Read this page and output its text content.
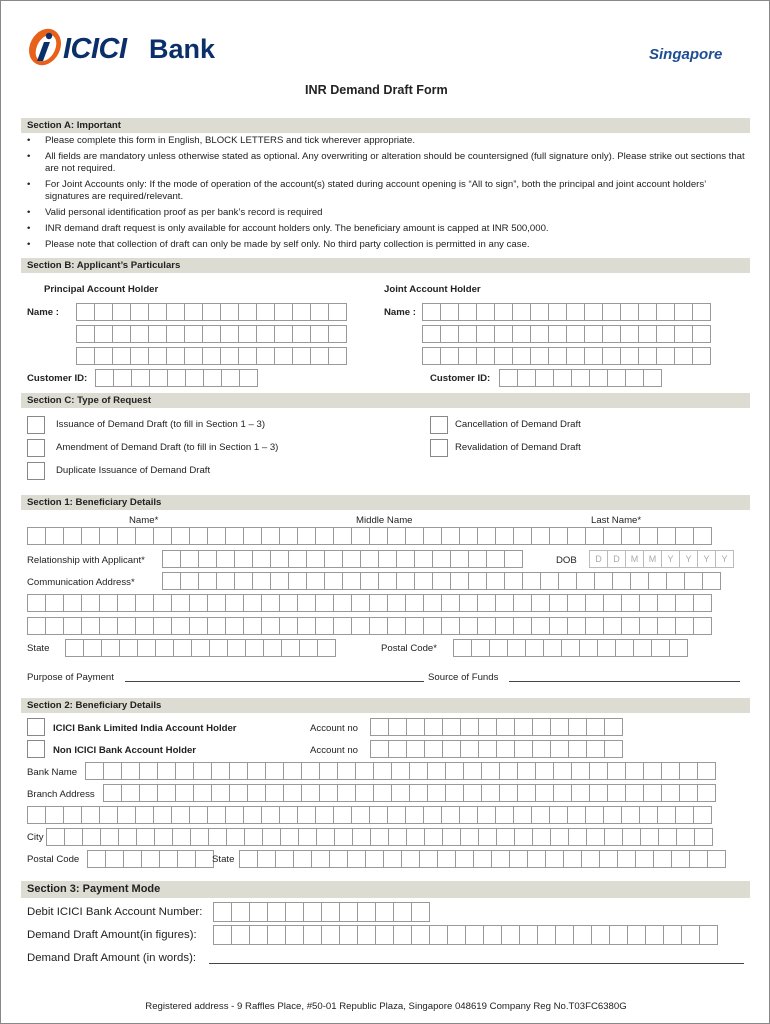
ICICI Bank	Singapore
INR Demand Draft Form
Section A: Important
• Please complete this form in English, BLOCK LETTERS and tick wherever appropriate.
• All fields are mandatory unless otherwise stated as optional. Any overwriting or alteration should be countersigned (full signature only). Please strike out sections that are not required.
• For Joint Accounts only: If the mode of operation of the account(s) stated during account opening is “All to sign”, both the principal and joint account holders’ signatures are required/relevant.
• Valid personal identification proof as per bank’s record is required
• INR demand draft request is only available for account holders only. The beneficiary amount is capped at INR 500,000.
• Please note that collection of draft can only be made by self only. No third party collection is permitted in any case.
Section B: Applicant’s Particulars
Principal Account Holder	Joint Account Holder
Name :	Name :
Customer ID:	Customer ID:
Section C: Type of Request
Issuance of Demand Draft (to fill in Section 1 – 3)
Amendment of Demand Draft (to fill in Section 1 – 3)
Duplicate Issuance of Demand Draft
Cancellation of Demand Draft
Revalidation of Demand Draft
Section 1: Beneficiary Details
Name*	Middle Name	Last Name*
Relationship with Applicant*	DOB	D	D	M	M	Y	Y	Y	Y
Communication Address*
State	Postal Code*
Purpose of Payment	Source of Funds
Section 2: Beneficiary Details
ICICI Bank Limited India Account Holder	Account no
Non ICICI Bank Account Holder	Account no
Bank Name
Branch Address
City
Postal Code	State
Section 3: Payment Mode
Debit ICICI Bank Account Number:
Demand Draft Amount(in figures):
Demand Draft Amount (in words):
Registered address - 9 Raffles Place, #50-01 Republic Plaza, Singapore 048619 Company Reg No.T03FC6380G
